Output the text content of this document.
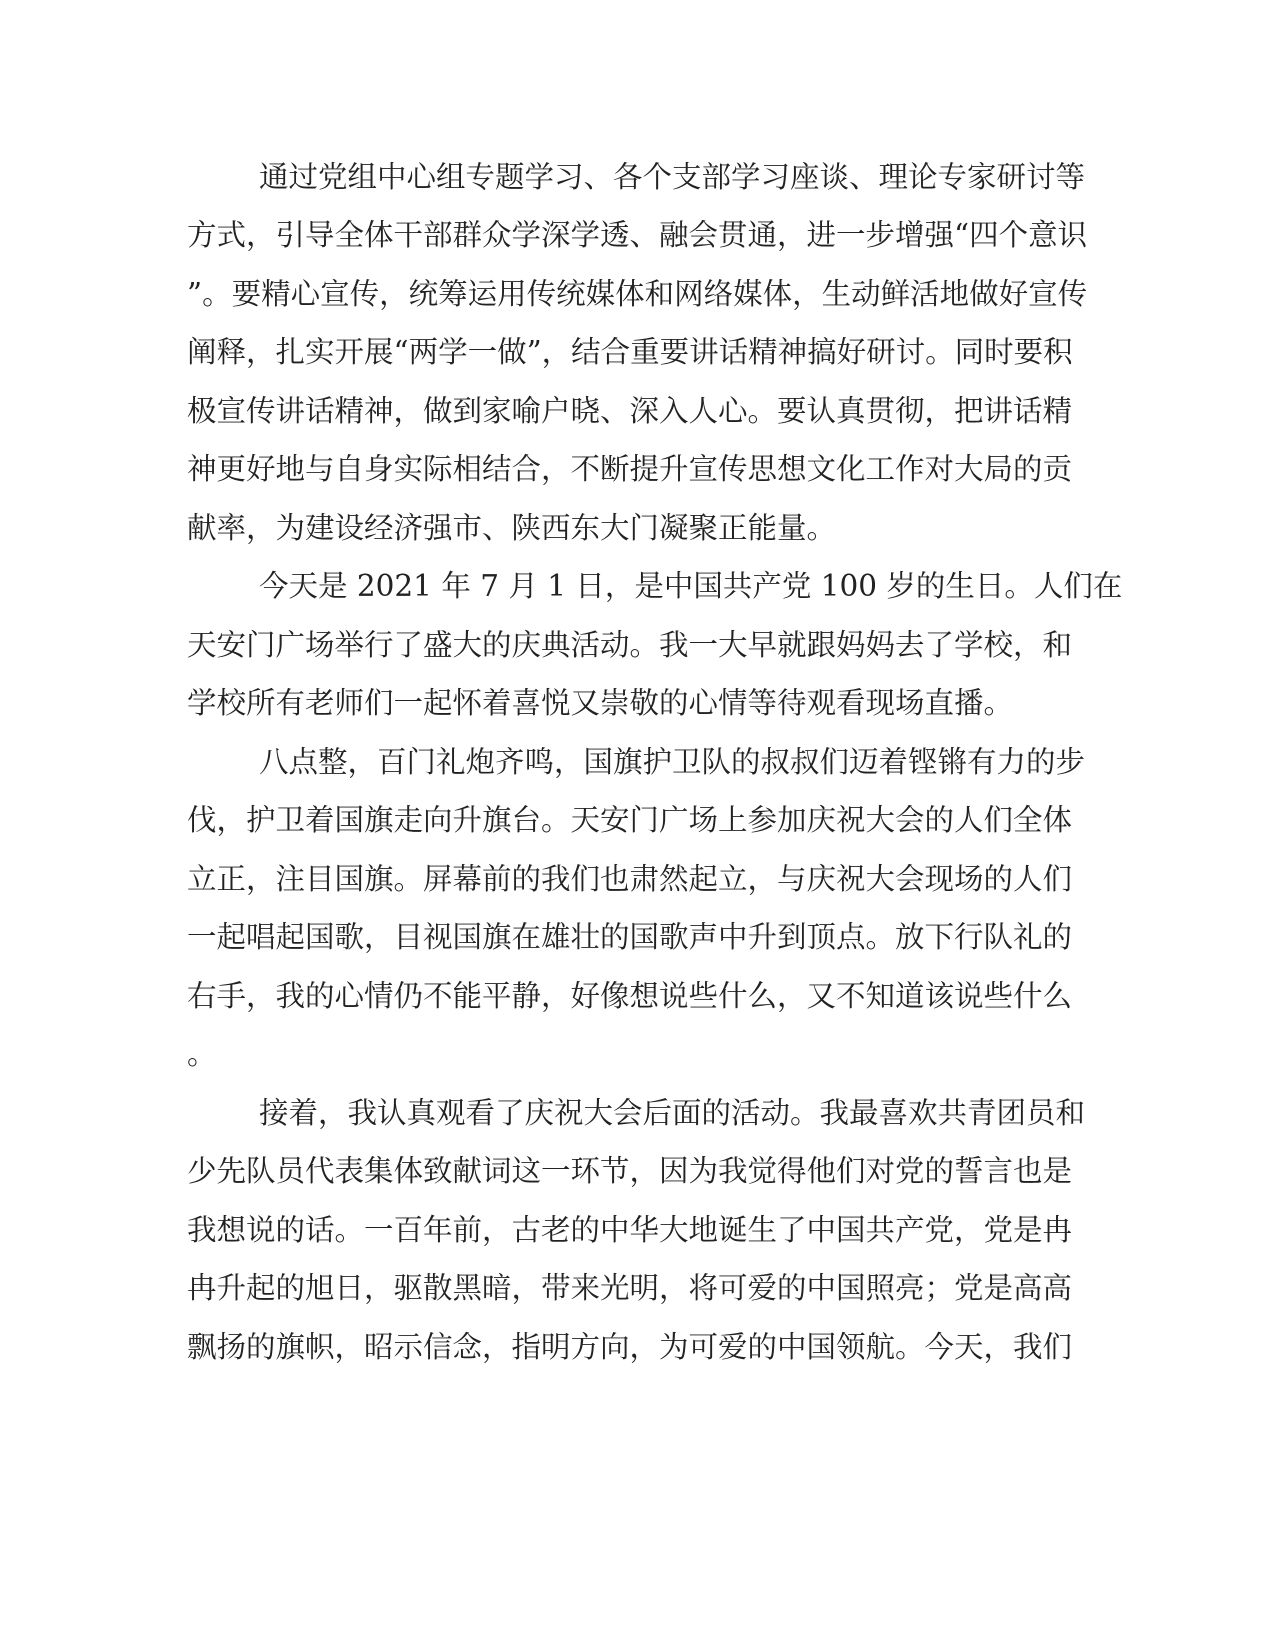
通过党组中心组专题学习、各个支部学习座谈、理论专家研讨等
方式，引导全体干部群众学深学透、融会贯通，进一步增强“四个意识
”。要精心宣传，统筹运用传统媒体和网络媒体，生动鲜活地做好宣传
阐释，扎实开展“两学一做”，结合重要讲话精神搞好研讨。同时要积
极宣传讲话精神，做到家喻户晓、深入人心。要认真贯彻，把讲话精
神更好地与自身实际相结合，不断提升宣传思想文化工作对大局的贡
献率，为建设经济强市、陕西东大门凝聚正能量。
今天是 2021 年 7 月 1 日，是中国共产党 100 岁的生日。人们在
天安门广场举行了盛大的庆典活动。我一大早就跟妈妈去了学校，和
学校所有老师们一起怀着喜悦又崇敬的心情等待观看现场直播。
八点整，百门礼炮齐鸣，国旗护卫队的叔叔们迈着铿锵有力的步
伐，护卫着国旗走向升旗台。天安门广场上参加庆祝大会的人们全体
立正，注目国旗。屏幕前的我们也肃然起立，与庆祝大会现场的人们
一起唱起国歌，目视国旗在雄壮的国歌声中升到顶点。放下行队礼的
右手，我的心情仍不能平静，好像想说些什么，又不知道该说些什么
。
接着，我认真观看了庆祝大会后面的活动。我最喜欢共青团员和
少先队员代表集体致献词这一环节，因为我觉得他们对党的誓言也是
我想说的话。一百年前，古老的中华大地诞生了中国共产党，党是冉
冉升起的旭日，驱散黑暗，带来光明，将可爱的中国照亮；党是高高
飘扬的旗帜，昭示信念，指明方向，为可爱的中国领航。今天，我们
